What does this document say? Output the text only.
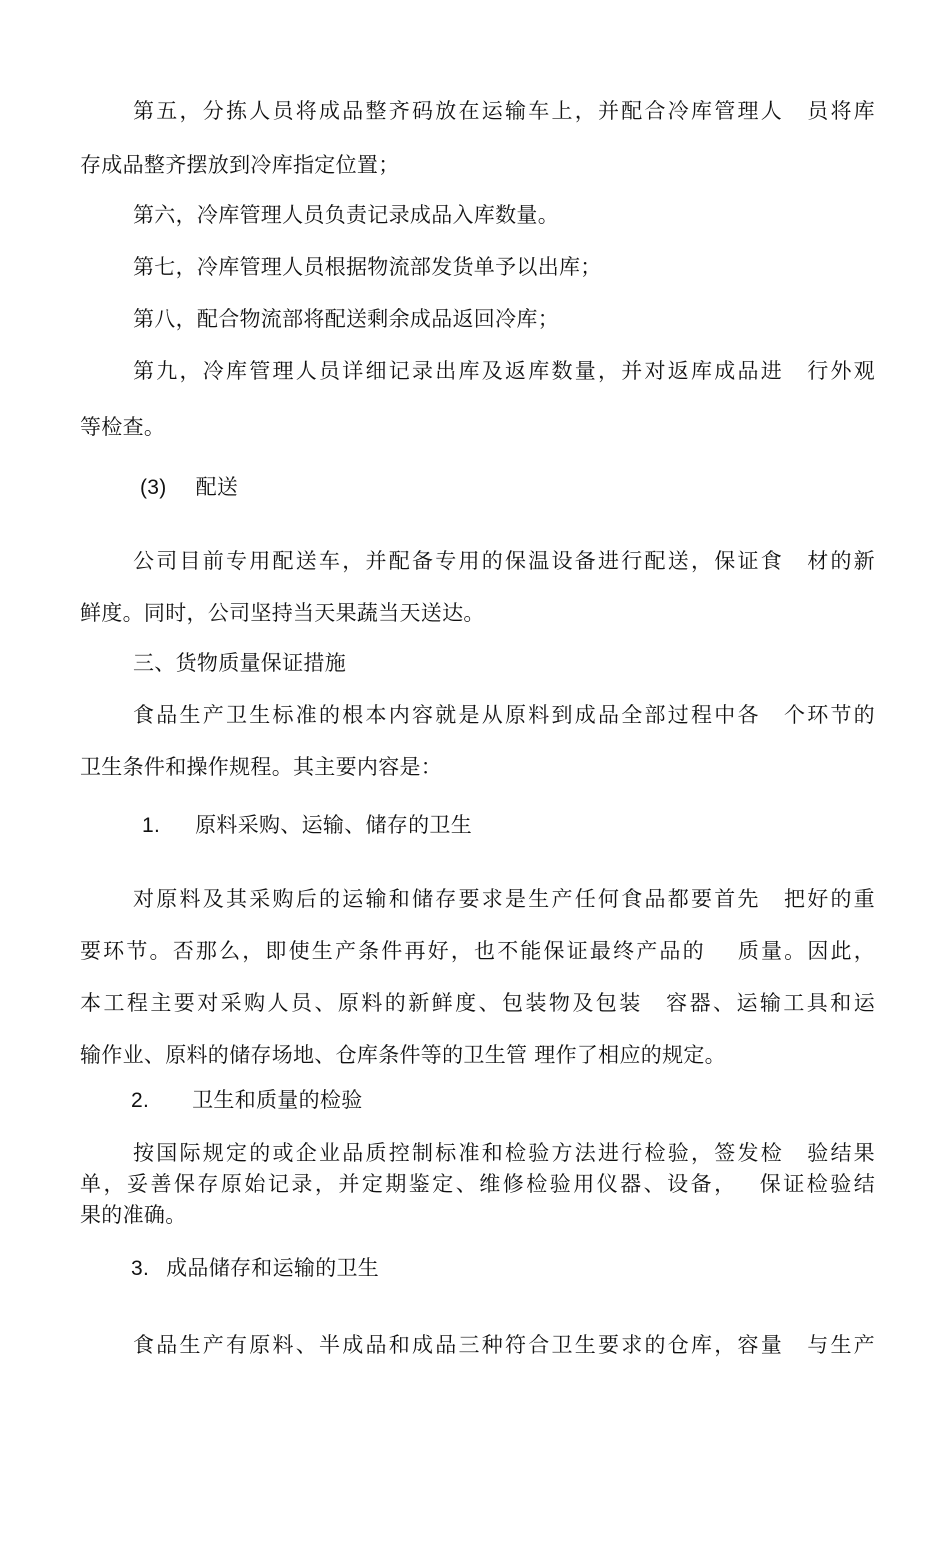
第五，分拣人员将成品整齐码放在运输车上，并配合冷库管理人　员将库
存成品整齐摆放到冷库指定位置；
第六，冷库管理人员负责记录成品入库数量。
第七，冷库管理人员根据物流部发货单予以出库；
第八，配合物流部将配送剩余成品返回冷库；
第九，冷库管理人员详细记录出库及返库数量，并对返库成品进　行外观
等检查。
(3) 配送
公司目前专用配送车，并配备专用的保温设备进行配送，保证食　材的新
鲜度。同时，公司坚持当天果蔬当天送达。
三、货物质量保证措施
食品生产卫生标准的根本内容就是从原料到成品全部过程中各　个环节的
卫生条件和操作规程。其主要内容是：
1. 原料采购、运输、储存的卫生
对原料及其采购后的运输和储存要求是生产任何食品都要首先　把好的重
要环节。否那么，即使生产条件再好，也不能保证最终产品的　 质量。因此，
本工程主要对采购人员、原料的新鲜度、包装物及包装　容器、运输工具和运
输作业、原料的储存场地、仓库条件等的卫生管 理作了相应的规定。
2. 卫生和质量的检验
按国际规定的或企业品质控制标准和检验方法进行检验，签发检　验结果
单，妥善保存原始记录，并定期鉴定、维修检验用仪器、设备，　 保证检验结
果的准确。
3. 成品储存和运输的卫生
食品生产有原料、半成品和成品三种符合卫生要求的仓库，容量　与生产
